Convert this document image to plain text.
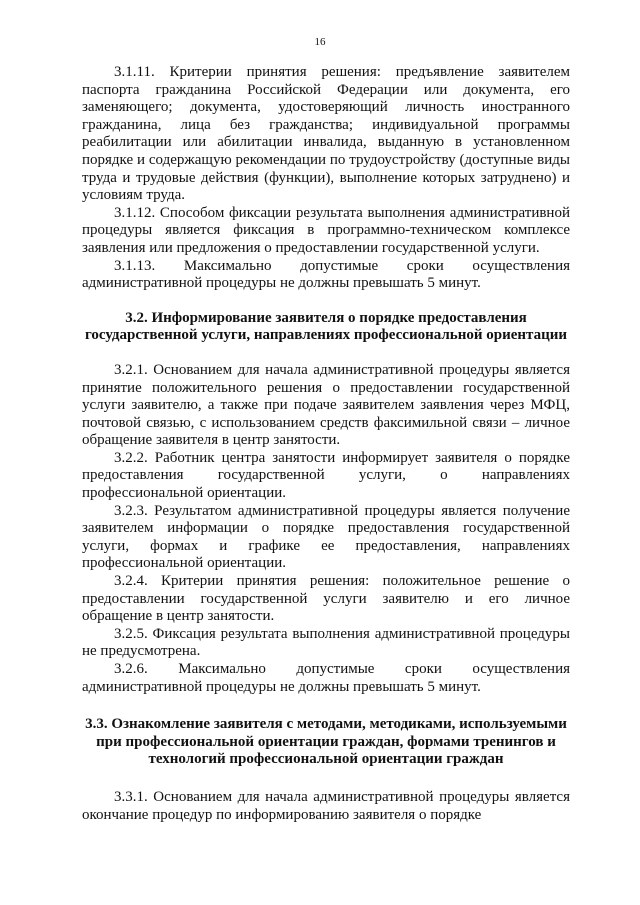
16

3.1.11. Критерии принятия решения: предъявление заявителем паспорта гражданина Российской Федерации или документа, его заменяющего; документа, удостоверяющий личность иностранного гражданина, лица без гражданства; индивидуальной программы реабилитации или абилитации инвалида, выданную в установленном порядке и содержащую рекомендации по трудоустройству (доступные виды труда и трудовые действия (функции), выполнение которых затруднено) и условиям труда.

3.1.12. Способом фиксации результата выполнения административной процедуры является фиксация в программно-техническом комплексе заявления или предложения о предоставлении государственной услуги.

3.1.13. Максимально допустимые сроки осуществления административной процедуры не должны превышать 5 минут.

3.2. Информирование заявителя о порядке предоставления государственной услуги, направлениях профессиональной ориентации

3.2.1. Основанием для начала административной процедуры является принятие положительного решения о предоставлении государственной услуги заявителю, а также при подаче заявителем заявления через МФЦ, почтовой связью, с использованием средств факсимильной связи – личное обращение заявителя в центр занятости.

3.2.2. Работник центра занятости информирует заявителя о порядке предоставления государственной услуги, о направлениях профессиональной ориентации.

3.2.3. Результатом административной процедуры является получение заявителем информации о порядке предоставления государственной услуги, формах и графике ее предоставления, направлениях профессиональной ориентации.

3.2.4. Критерии принятия решения: положительное решение о предоставлении государственной услуги заявителю и его личное обращение в центр занятости.

3.2.5. Фиксация результата выполнения административной процедуры не предусмотрена.

3.2.6. Максимально допустимые сроки осуществления административной процедуры не должны превышать 5 минут.

3.3. Ознакомление заявителя с методами, методиками, используемыми при профессиональной ориентации граждан, формами тренингов и технологий профессиональной ориентации граждан

3.3.1. Основанием для начала административной процедуры является окончание процедур по информированию заявителя о порядке
